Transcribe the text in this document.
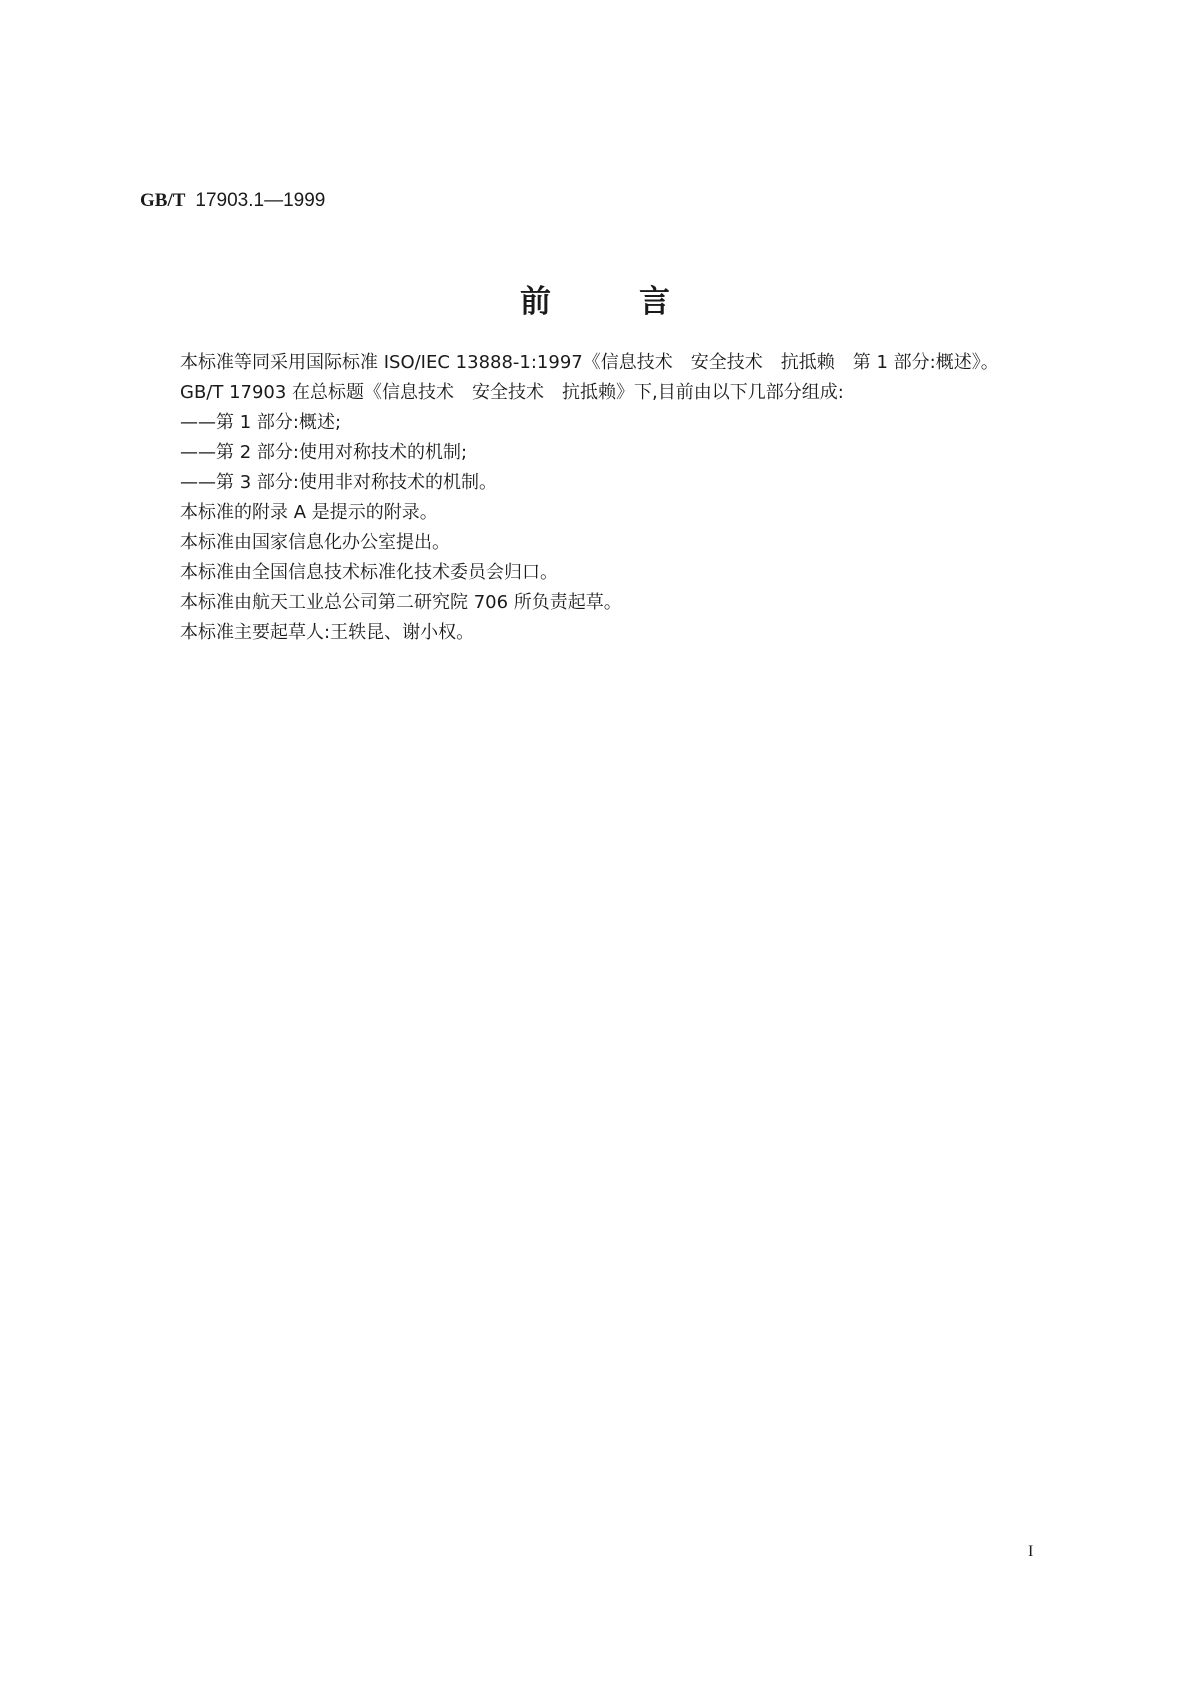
GB/T 17903.1—1999
前言

本标准等同采用国际标准 ISO/IEC 13888-1:1997《信息技术　安全技术　抗抵赖　第 1 部分:概述》。

GB/T 17903 在总标题《信息技术　安全技术　抗抵赖》下,目前由以下几部分组成:

——第 1 部分:概述;

——第 2 部分:使用对称技术的机制;

——第 3 部分:使用非对称技术的机制。

本标准的附录 A 是提示的附录。

本标准由国家信息化办公室提出。

本标准由全国信息技术标准化技术委员会归口。

本标准由航天工业总公司第二研究院 706 所负责起草。

本标准主要起草人:王轶昆、谢小权。

I
